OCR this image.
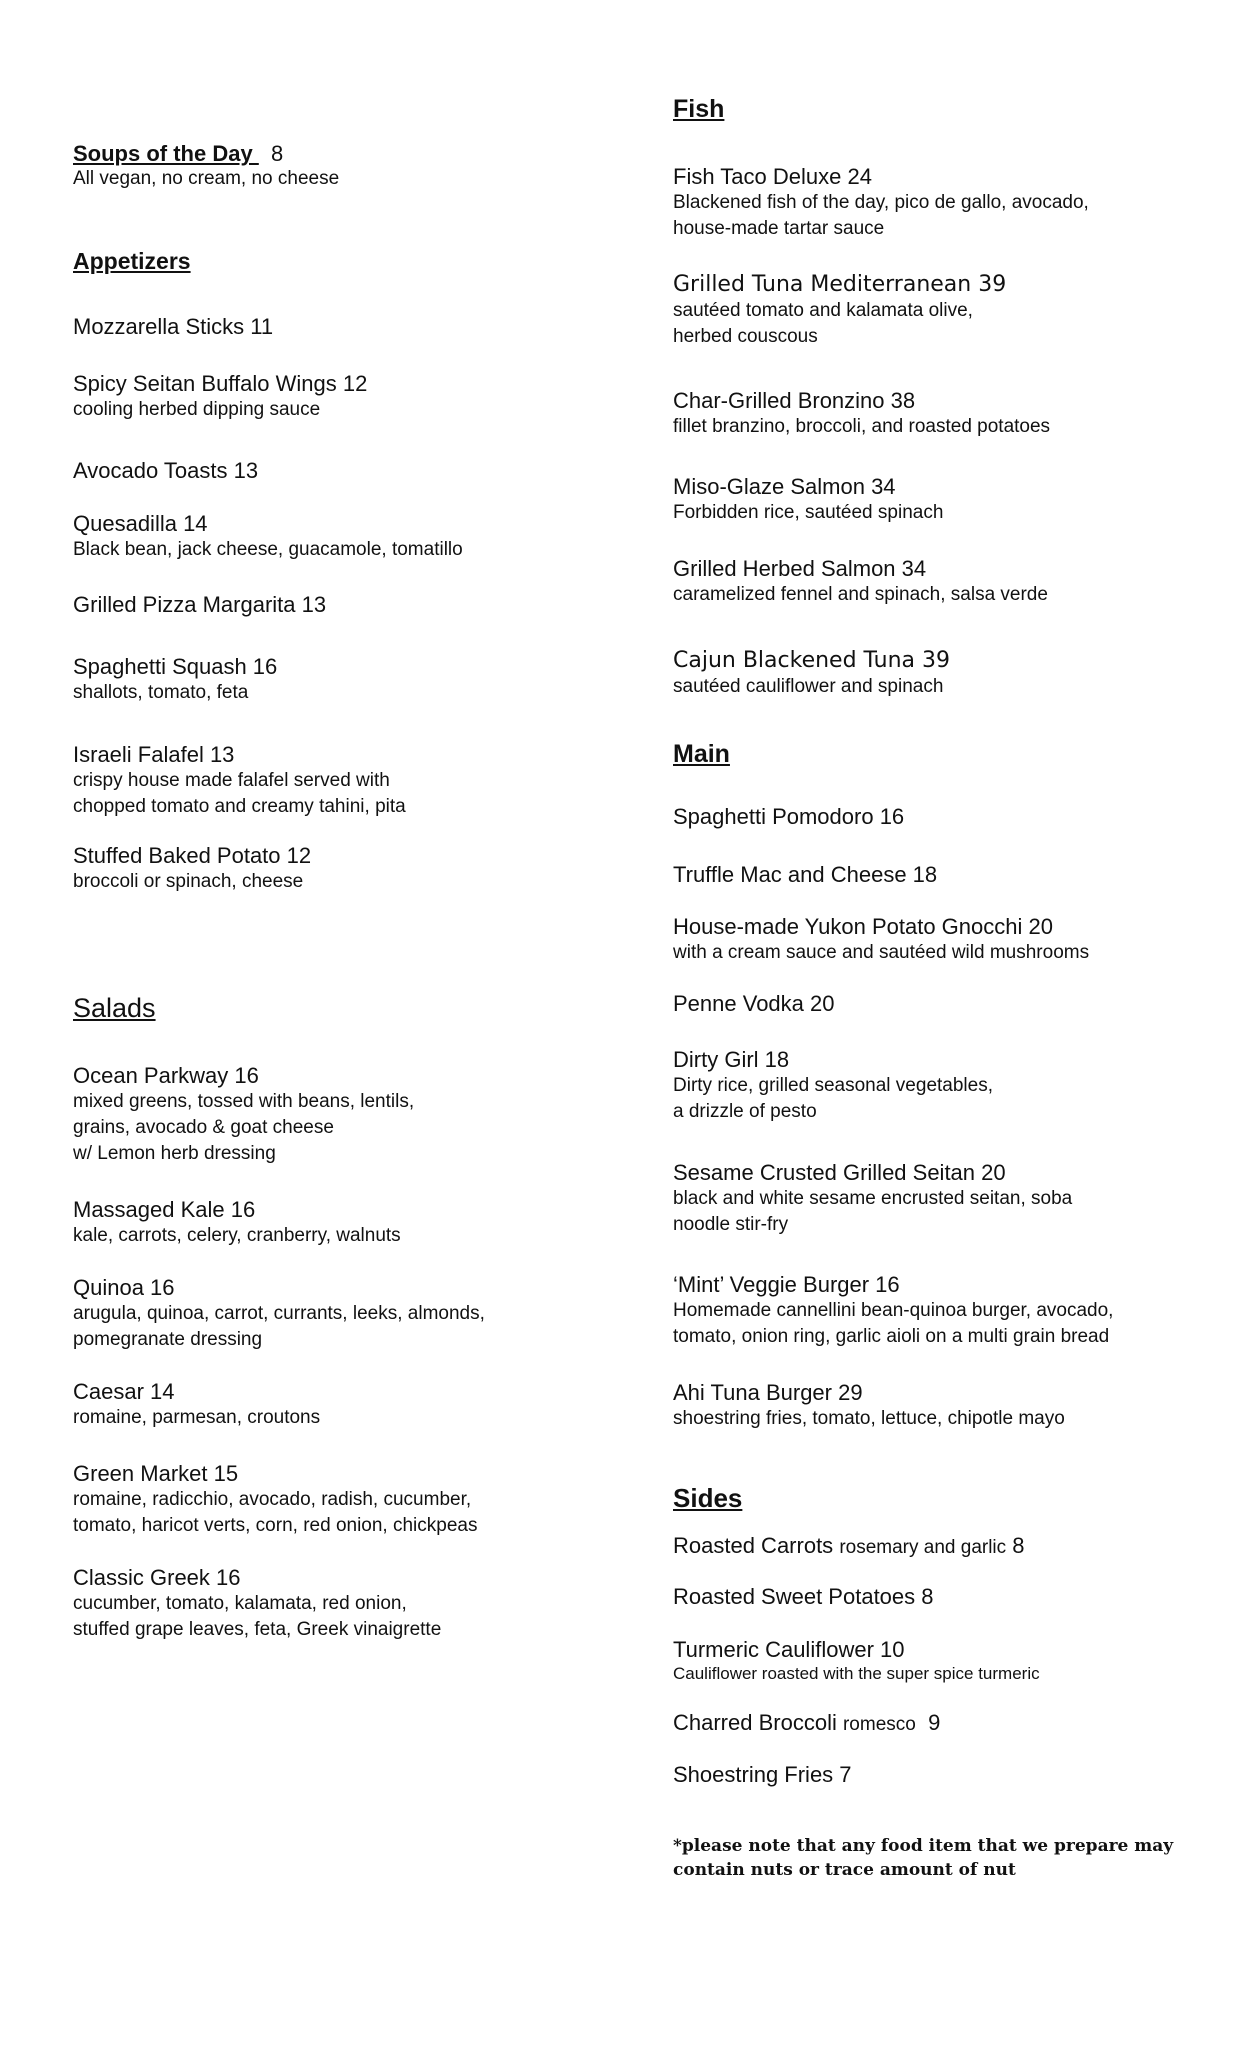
Soups of the Day   8
All vegan, no cream, no cheese
Appetizers
Mozzarella Sticks 11
Spicy Seitan Buffalo Wings 12
cooling herbed dipping sauce
Avocado Toasts 13
Quesadilla 14
Black bean, jack cheese, guacamole, tomatillo
Grilled Pizza Margarita 13
Spaghetti Squash 16
shallots, tomato, feta
Israeli Falafel 13
crispy house made falafel served with
chopped tomato and creamy tahini, pita
Stuffed Baked Potato 12
broccoli or spinach, cheese
Salads
Ocean Parkway 16
mixed greens, tossed with beans, lentils,
grains, avocado & goat cheese
w/ Lemon herb dressing
Massaged Kale 16
kale, carrots, celery, cranberry, walnuts
Quinoa 16
arugula, quinoa, carrot, currants, leeks, almonds,
pomegranate dressing
Caesar 14
romaine, parmesan, croutons
Green Market 15
romaine, radicchio, avocado, radish, cucumber,
tomato, haricot verts, corn, red onion, chickpeas
Classic Greek 16
cucumber, tomato, kalamata, red onion,
stuffed grape leaves, feta, Greek vinaigrette
Fish
Fish Taco Deluxe 24
Blackened fish of the day, pico de gallo, avocado,
house-made tartar sauce
Grilled Tuna Mediterranean 39
sautéed tomato and kalamata olive,
herbed couscous
Char-Grilled Bronzino 38
fillet branzino, broccoli, and roasted potatoes
Miso-Glaze Salmon 34
Forbidden rice, sautéed spinach
Grilled Herbed Salmon 34
caramelized fennel and spinach, salsa verde
Cajun Blackened Tuna 39
sautéed cauliflower and spinach
Main
Spaghetti Pomodoro 16
Truffle Mac and Cheese 18
House-made Yukon Potato Gnocchi 20
with a cream sauce and sautéed wild mushrooms
Penne Vodka 20
Dirty Girl 18
Dirty rice, grilled seasonal vegetables,
a drizzle of pesto
Sesame Crusted Grilled Seitan 20
black and white sesame encrusted seitan, soba
noodle stir-fry
‘Mint’ Veggie Burger 16
Homemade cannellini bean-quinoa burger, avocado,
tomato, onion ring, garlic aioli on a multi grain bread
Ahi Tuna Burger 29
shoestring fries, tomato, lettuce, chipotle mayo
Sides
Roasted Carrots rosemary and garlic 8
Roasted Sweet Potatoes 8
Turmeric Cauliflower 10
Cauliflower roasted with the super spice turmeric
Charred Broccoli romesco 9
Shoestring Fries 7
*please note that any food item that we prepare may
contain nuts or trace amount of nut
